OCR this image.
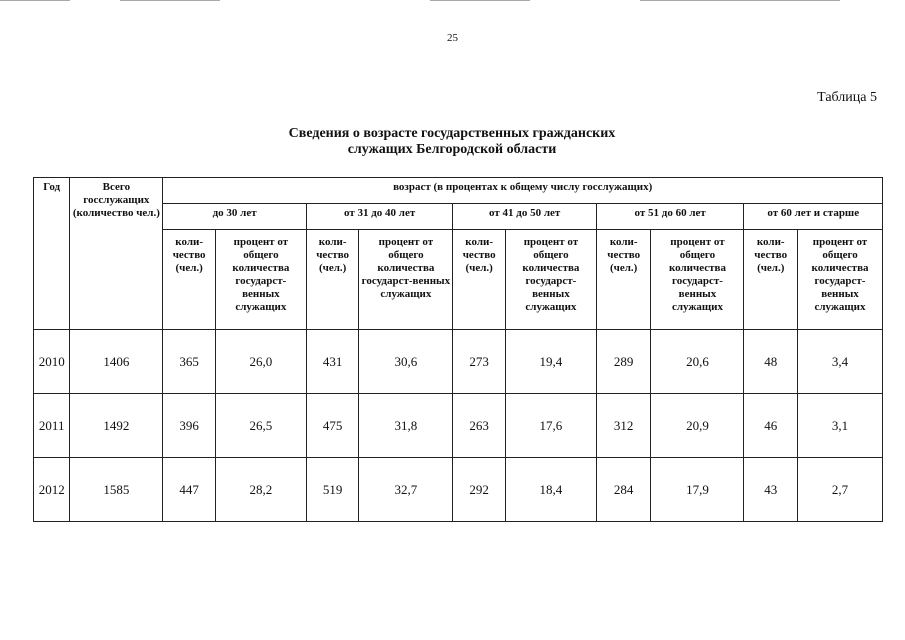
25
Таблица 5
Сведения о возрасте государственных гражданских
служащих Белгородской области
Год	Всего госслужащих (количество чел.)	возраст (в процентах к общему числу госслужащих)									
		до 30 лет		от 31 до 40 лет		от 41 до 50 лет		от 51 до 60 лет		от 60 лет и старше	
		коли-чество (чел.)	процент от общего количества государст-венных служащих	коли-чество (чел.)	процент от общего количества государст-венных служащих	коли-чество (чел.)	процент от общего количества государст-венных служащих	коли-чество (чел.)	процент от общего количества государст-венных служащих	коли-чество (чел.)	процент от общего количества государст-венных служащих
2010	1406	365	26,0	431	30,6	273	19,4	289	20,6	48	3,4
2011	1492	396	26,5	475	31,8	263	17,6	312	20,9	46	3,1
2012	1585	447	28,2	519	32,7	292	18,4	284	17,9	43	2,7
